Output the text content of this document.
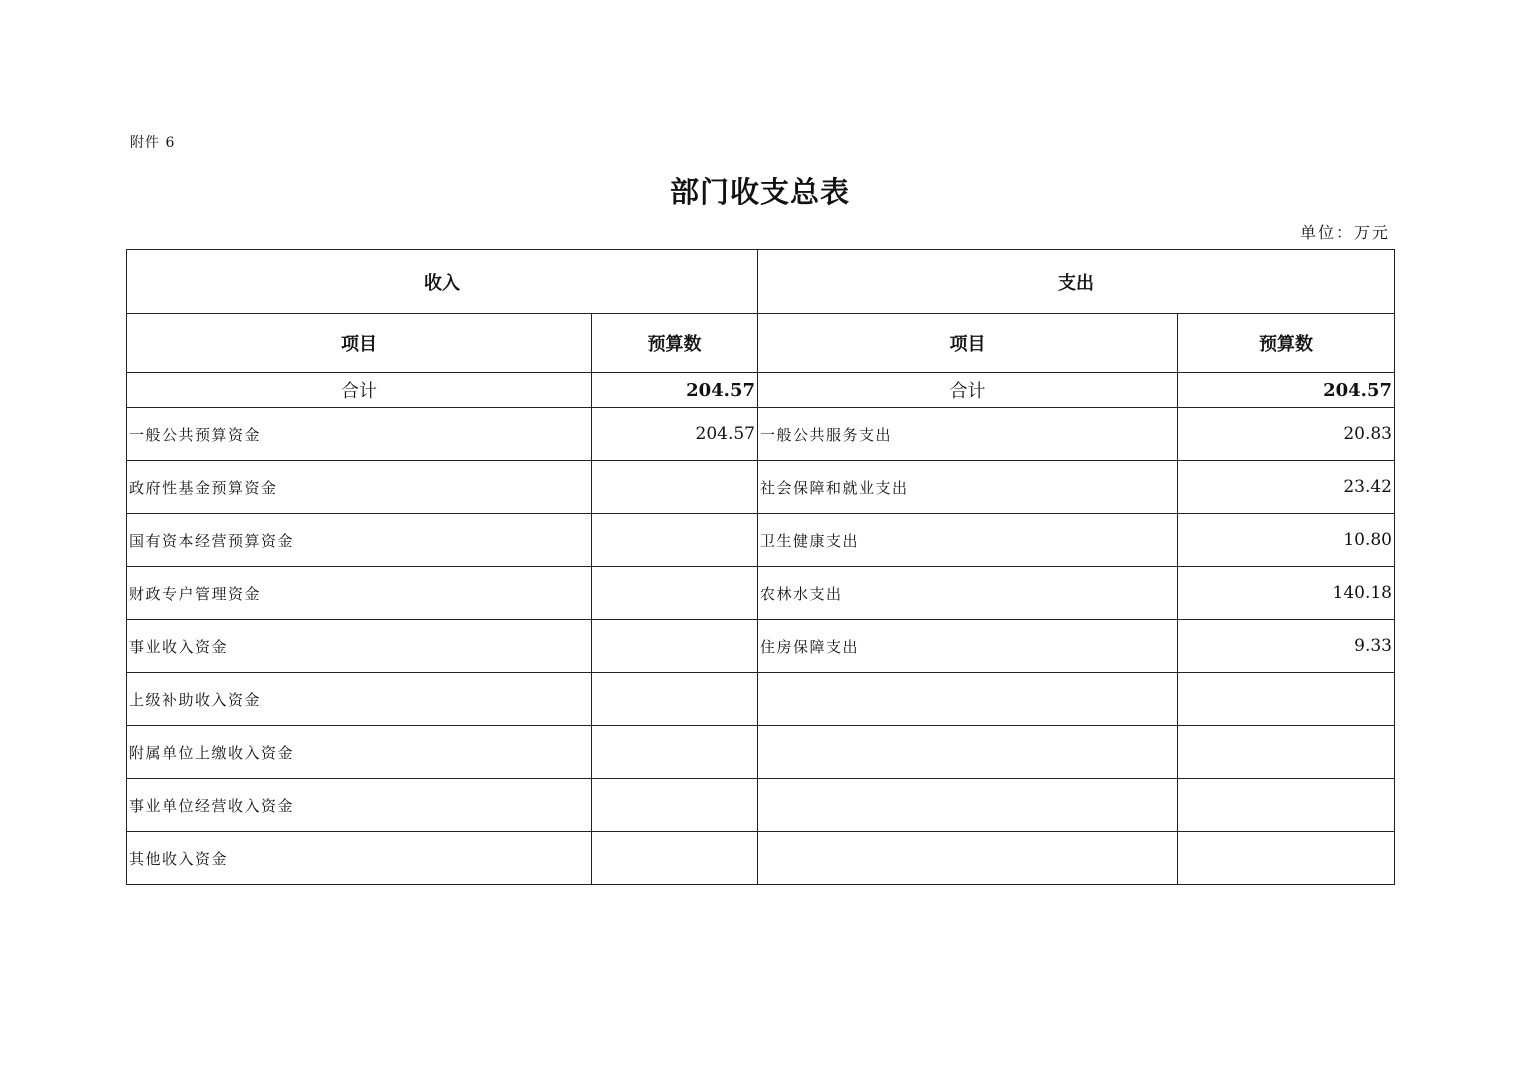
附件 6
部门收支总表
单位：万元
收入		支出	
项目	预算数	项目	预算数
合计	204.57	合计	204.57
一般公共预算资金	204.57	一般公共服务支出	20.83
政府性基金预算资金		社会保障和就业支出	23.42
国有资本经营预算资金		卫生健康支出	10.80
财政专户管理资金		农林水支出	140.18
事业收入资金		住房保障支出	9.33
上级补助收入资金			
附属单位上缴收入资金			
事业单位经营收入资金			
其他收入资金			
